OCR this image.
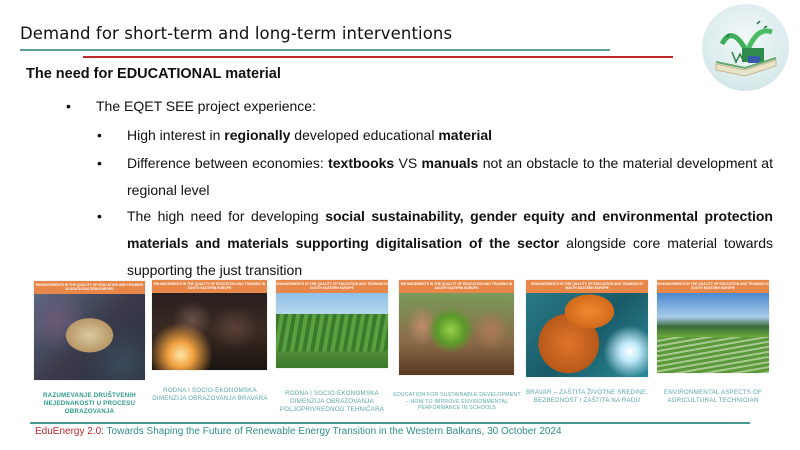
Demand for short-term and long-term interventions
The need for EDUCATIONAL material
• The EQET SEE project experience:
• High interest in regionally developed educational material
• Difference between economies: textbooks VS manuals not an obstacle to the material development at regional level
• The high need for developing social sustainability, gender equity and environmental protection materials and materials supporting digitalisation of the sector alongside core material towards supporting the just transition
ENHANCEMENTS IN THE QUALITY OF EDUCATION AND TRAINING IN SOUTH EASTERN EUROPE
RAZUMEVANJE DRUŠTVENIH NEJEDNAKOSTI U PROCESU OBRAZOVANJA
ENHANCEMENTS IN THE QUALITY OF EDUCATION AND TRAINING IN SOUTH EASTERN EUROPE
RODNA I SOCIO-EKONOMSKA DIMENZIJA OBRAZOVANJA BRAVARA
ENHANCEMENTS IN THE QUALITY OF EDUCATION AND TRAINING IN SOUTH EASTERN EUROPE
RODNA I SOCIO-EKONOMSKA DIMENZIJA OBRAZOVANJA POLJOPRIVREDNOG TEHNIČARA
ENHANCEMENTS IN THE QUALITY OF EDUCATION AND TRAINING IN SOUTH EASTERN EUROPE
EDUCATION FOR SUSTAINABLE DEVELOPMENT – HOW TO IMPROVE ENVIRONMENTAL PERFORMANCE IN SCHOOLS
ENHANCEMENTS IN THE QUALITY OF EDUCATION AND TRAINING IN SOUTH EASTERN EUROPE
BRAVAR – ZAŠTITA ŽIVOTNE SREDINE, BEZBEDNOST I ZAŠTITA NA RADU
ENHANCEMENTS IN THE QUALITY OF EDUCATION AND TRAINING IN SOUTH EASTERN EUROPE
ENVIRONMENTAL ASPECTS OF AGRICULTURAL TECHNICIAN
EduEnergy 2.0: Towards Shaping the Future of Renewable Energy Transition in the Western Balkans, 30 October 2024
